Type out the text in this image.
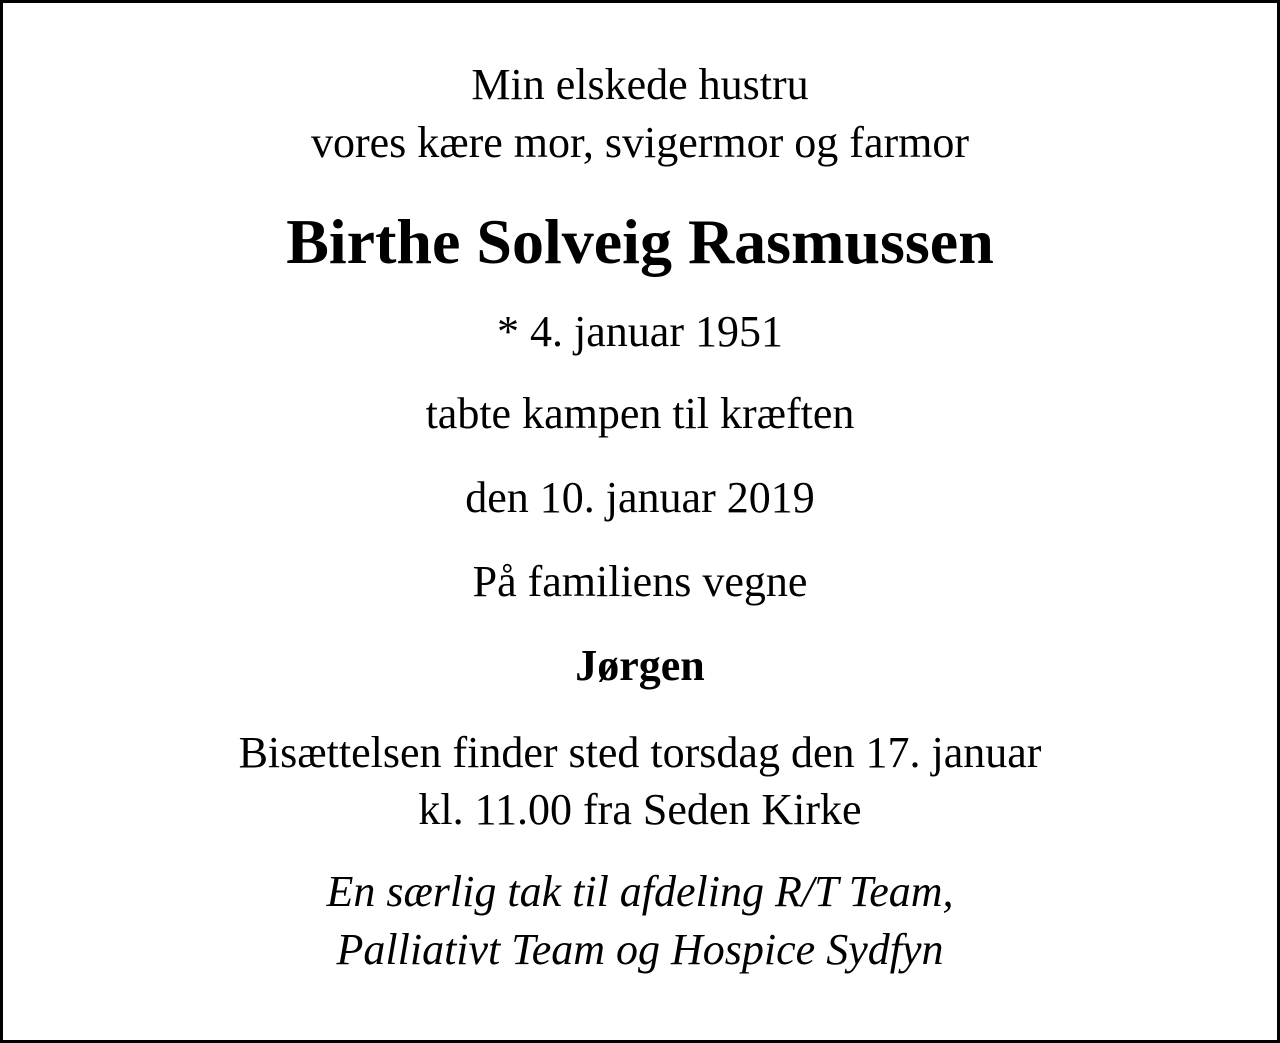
Min elskede hustru
vores kære mor, svigermor og farmor
Birthe Solveig Rasmussen
* 4. januar 1951
tabte kampen til kræften
den 10. januar 2019
På familiens vegne
Jørgen
Bisættelsen finder sted torsdag den 17. januar
kl. 11.00 fra Seden Kirke
En særlig tak til afdeling R/T Team,
Palliativt Team og Hospice Sydfyn
